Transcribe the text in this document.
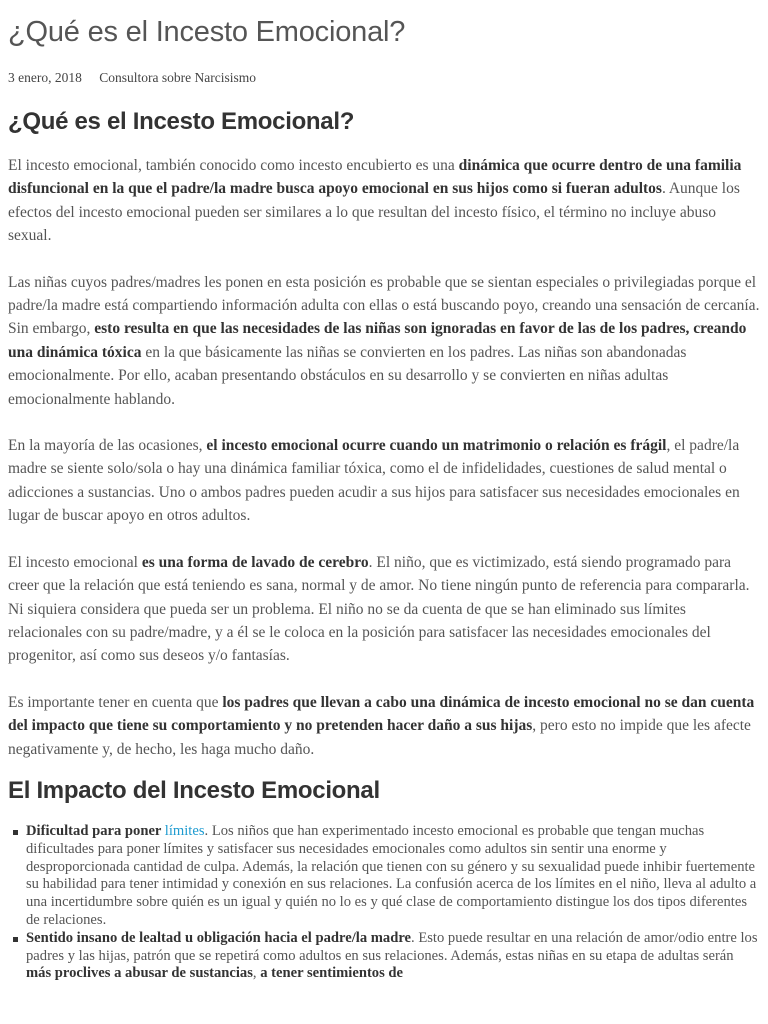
¿Qué es el Incesto Emocional?
3 enero, 2018 Consultora sobre Narcisismo
¿Qué es el Incesto Emocional?

El incesto emocional, también conocido como incesto encubierto es una dinámica que ocurre dentro de una familia disfuncional en la que el padre/la madre busca apoyo emocional en sus hijos como si fueran adultos. Aunque los efectos del incesto emocional pueden ser similares a lo que resultan del incesto físico, el término no incluye abuso sexual.

Las niñas cuyos padres/madres les ponen en esta posición es probable que se sientan especiales o privilegiadas porque el padre/la madre está compartiendo información adulta con ellas o está buscando poyo, creando una sensación de cercanía. Sin embargo, esto resulta en que las necesidades de las niñas son ignoradas en favor de las de los padres, creando una dinámica tóxica en la que básicamente las niñas se convierten en los padres. Las niñas son abandonadas emocionalmente. Por ello, acaban presentando obstáculos en su desarrollo y se convierten en niñas adultas emocionalmente hablando.

En la mayoría de las ocasiones, el incesto emocional ocurre cuando un matrimonio o relación es frágil, el padre/la madre se siente solo/sola o hay una dinámica familiar tóxica, como el de infidelidades, cuestiones de salud mental o adicciones a sustancias. Uno o ambos padres pueden acudir a sus hijos para satisfacer sus necesidades emocionales en lugar de buscar apoyo en otros adultos.

El incesto emocional es una forma de lavado de cerebro. El niño, que es victimizado, está siendo programado para creer que la relación que está teniendo es sana, normal y de amor. No tiene ningún punto de referencia para compararla. Ni siquiera considera que pueda ser un problema. El niño no se da cuenta de que se han eliminado sus límites relacionales con su padre/madre, y a él se le coloca en la posición para satisfacer las necesidades emocionales del progenitor, así como sus deseos y/o fantasías.

Es importante tener en cuenta que los padres que llevan a cabo una dinámica de incesto emocional no se dan cuenta del impacto que tiene su comportamiento y no pretenden hacer daño a sus hijas, pero esto no impide que les afecte negativamente y, de hecho, les haga mucho daño.

El Impacto del Incesto Emocional
Dificultad para poner límites. Los niños que han experimentado incesto emocional es probable que tengan muchas dificultades para poner límites y satisfacer sus necesidades emocionales como adultos sin sentir una enorme y desproporcionada cantidad de culpa. Además, la relación que tienen con su género y su sexualidad puede inhibir fuertemente su habilidad para tener intimidad y conexión en sus relaciones. La confusión acerca de los límites en el niño, lleva al adulto a una incertidumbre sobre quién es un igual y quién no lo es y qué clase de comportamiento distingue los dos tipos diferentes de relaciones.
Sentido insano de lealtad u obligación hacia el padre/la madre. Esto puede resultar en una relación de amor/odio entre los padres y las hijas, patrón que se repetirá como adultos en sus relaciones. Además, estas niñas en su etapa de adultas serán más proclives a abusar de sustancias, a tener sentimientos de
